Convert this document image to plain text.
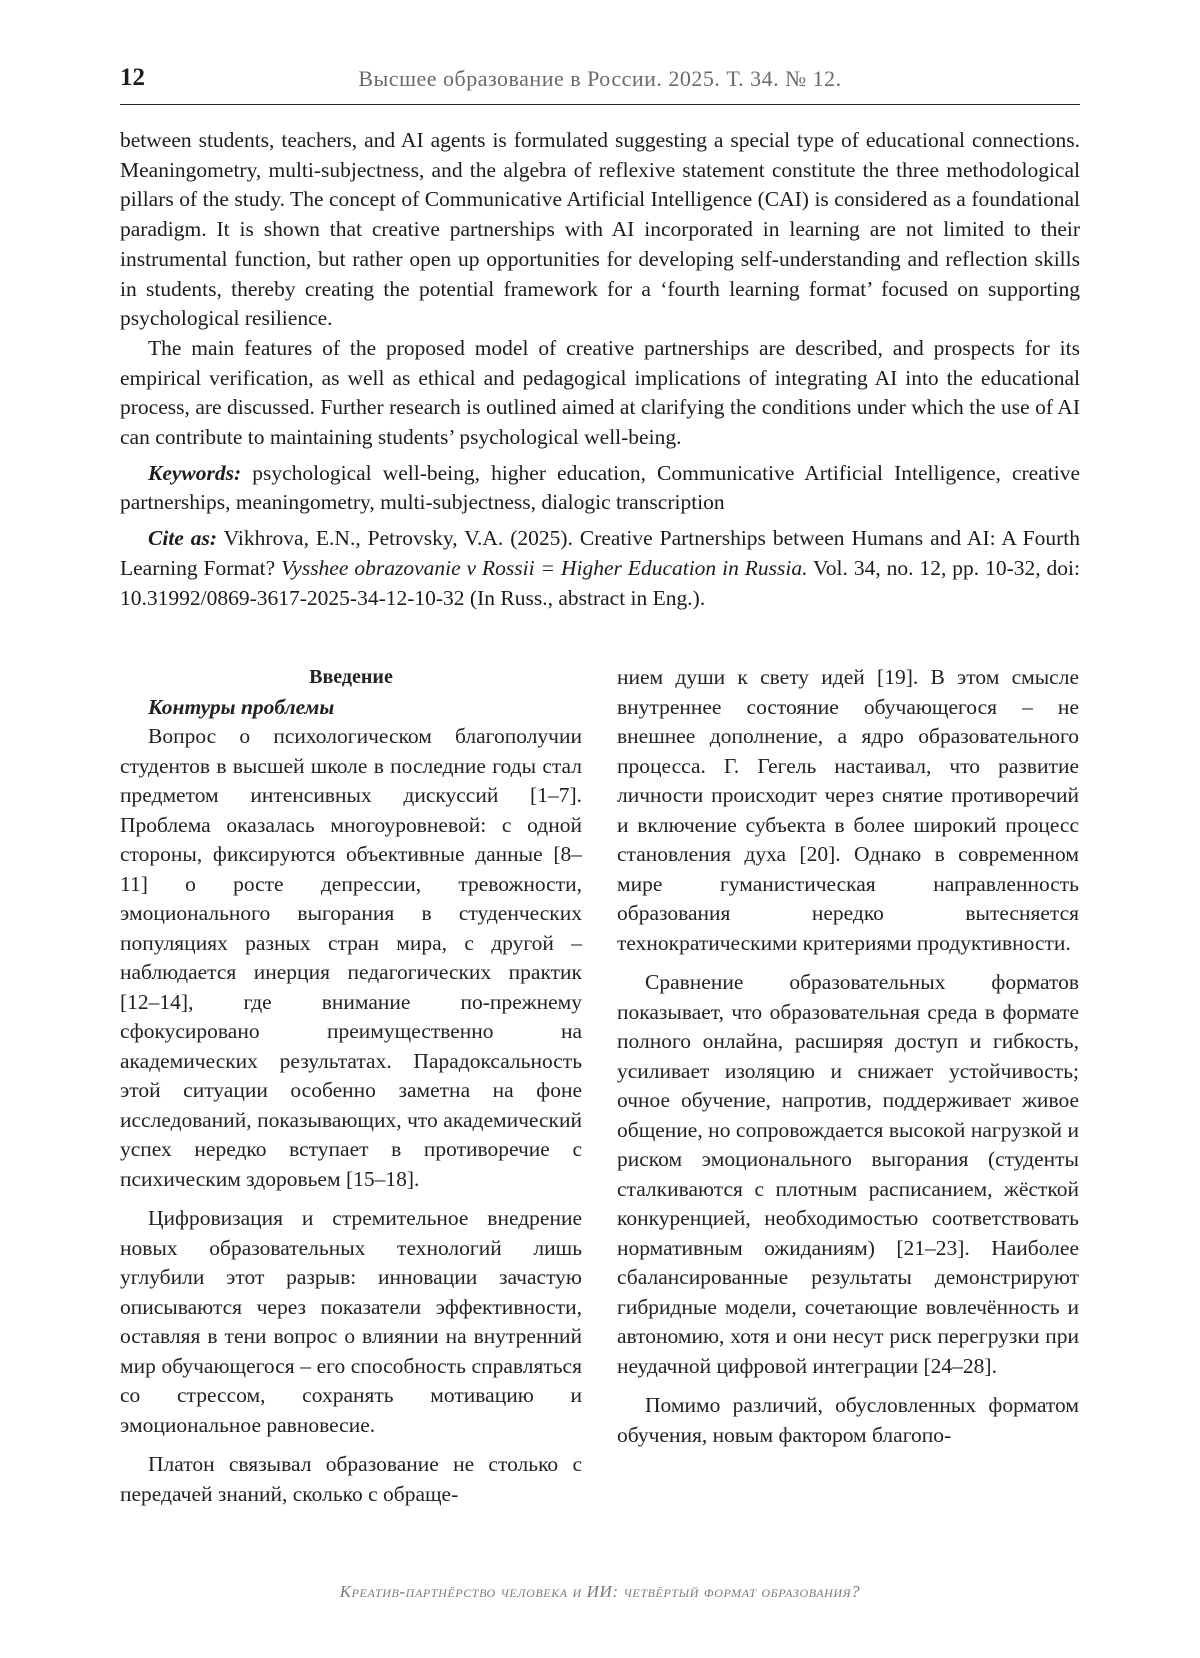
12	Высшее образование в России. 2025. Т. 34. № 12.

between students, teachers, and AI agents is formulated suggesting a special type of educational connections. Meaningometry, multi-subjectness, and the algebra of reflexive statement constitute the three methodological pillars of the study. The concept of Communicative Artificial Intelligence (CAI) is considered as a foundational paradigm. It is shown that creative partnerships with AI incorporated in learning are not limited to their instrumental function, but rather open up opportunities for developing self-understanding and reflection skills in students, thereby creating the potential framework for a ‘fourth learning format’ focused on supporting psychological resilience.

The main features of the proposed model of creative partnerships are described, and prospects for its empirical verification, as well as ethical and pedagogical implications of integrating AI into the educational process, are discussed. Further research is outlined aimed at clarifying the conditions under which the use of AI can contribute to maintaining students’ psychological well-being.

Keywords: psychological well-being, higher education, Communicative Artificial Intelligence, creative partnerships, meaningometry, multi-subjectness, dialogic transcription

Cite as: Vikhrova, E.N., Petrovsky, V.A. (2025). Creative Partnerships between Humans and AI: A Fourth Learning Format? Vysshee obrazovanie v Rossii = Higher Education in Russia. Vol. 34, no. 12, pp. 10-32, doi: 10.31992/0869-3617-2025-34-12-10-32 (In Russ., abstract in Eng.).

Введение

Контуры проблемы

Вопрос о психологическом благополучии студентов в высшей школе в последние годы стал предметом интенсивных дискуссий [1–7]. Проблема оказалась многоуровневой: с одной стороны, фиксируются объективные данные [8–11] о росте депрессии, тревожности, эмоционального выгорания в студенческих популяциях разных стран мира, с другой – наблюдается инерция педагогических практик [12–14], где внимание по-прежнему сфокусировано преимущественно на академических результатах. Парадоксальность этой ситуации особенно заметна на фоне исследований, показывающих, что академический успех нередко вступает в противоречие с психическим здоровьем [15–18].

Цифровизация и стремительное внедрение новых образовательных технологий лишь углубили этот разрыв: инновации зачастую описываются через показатели эффективности, оставляя в тени вопрос о влиянии на внутренний мир обучающегося – его способность справляться со стрессом, сохранять мотивацию и эмоциональное равновесие.

Платон связывал образование не столько с передачей знаний, сколько с обраще-

нием души к свету идей [19]. В этом смысле внутреннее состояние обучающегося – не внешнее дополнение, а ядро образовательного процесса. Г. Гегель настаивал, что развитие личности происходит через снятие противоречий и включение субъекта в более широкий процесс становления духа [20]. Однако в современном мире гуманистическая направленность образования нередко вытесняется технократическими критериями продуктивности.

Сравнение образовательных форматов показывает, что образовательная среда в формате полного онлайна, расширяя доступ и гибкость, усиливает изоляцию и снижает устойчивость; очное обучение, напротив, поддерживает живое общение, но сопровождается высокой нагрузкой и риском эмоционального выгорания (студенты сталкиваются с плотным расписанием, жёсткой конкуренцией, необходимостью соответствовать нормативным ожиданиям) [21–23]. Наиболее сбалансированные результаты демонстрируют гибридные модели, сочетающие вовлечённость и автономию, хотя и они несут риск перегрузки при неудачной цифровой интеграции [24–28].

Помимо различий, обусловленных форматом обучения, новым фактором благопо-

Креатив-партнёрство человека и ИИ: четвёртый формат образования?
